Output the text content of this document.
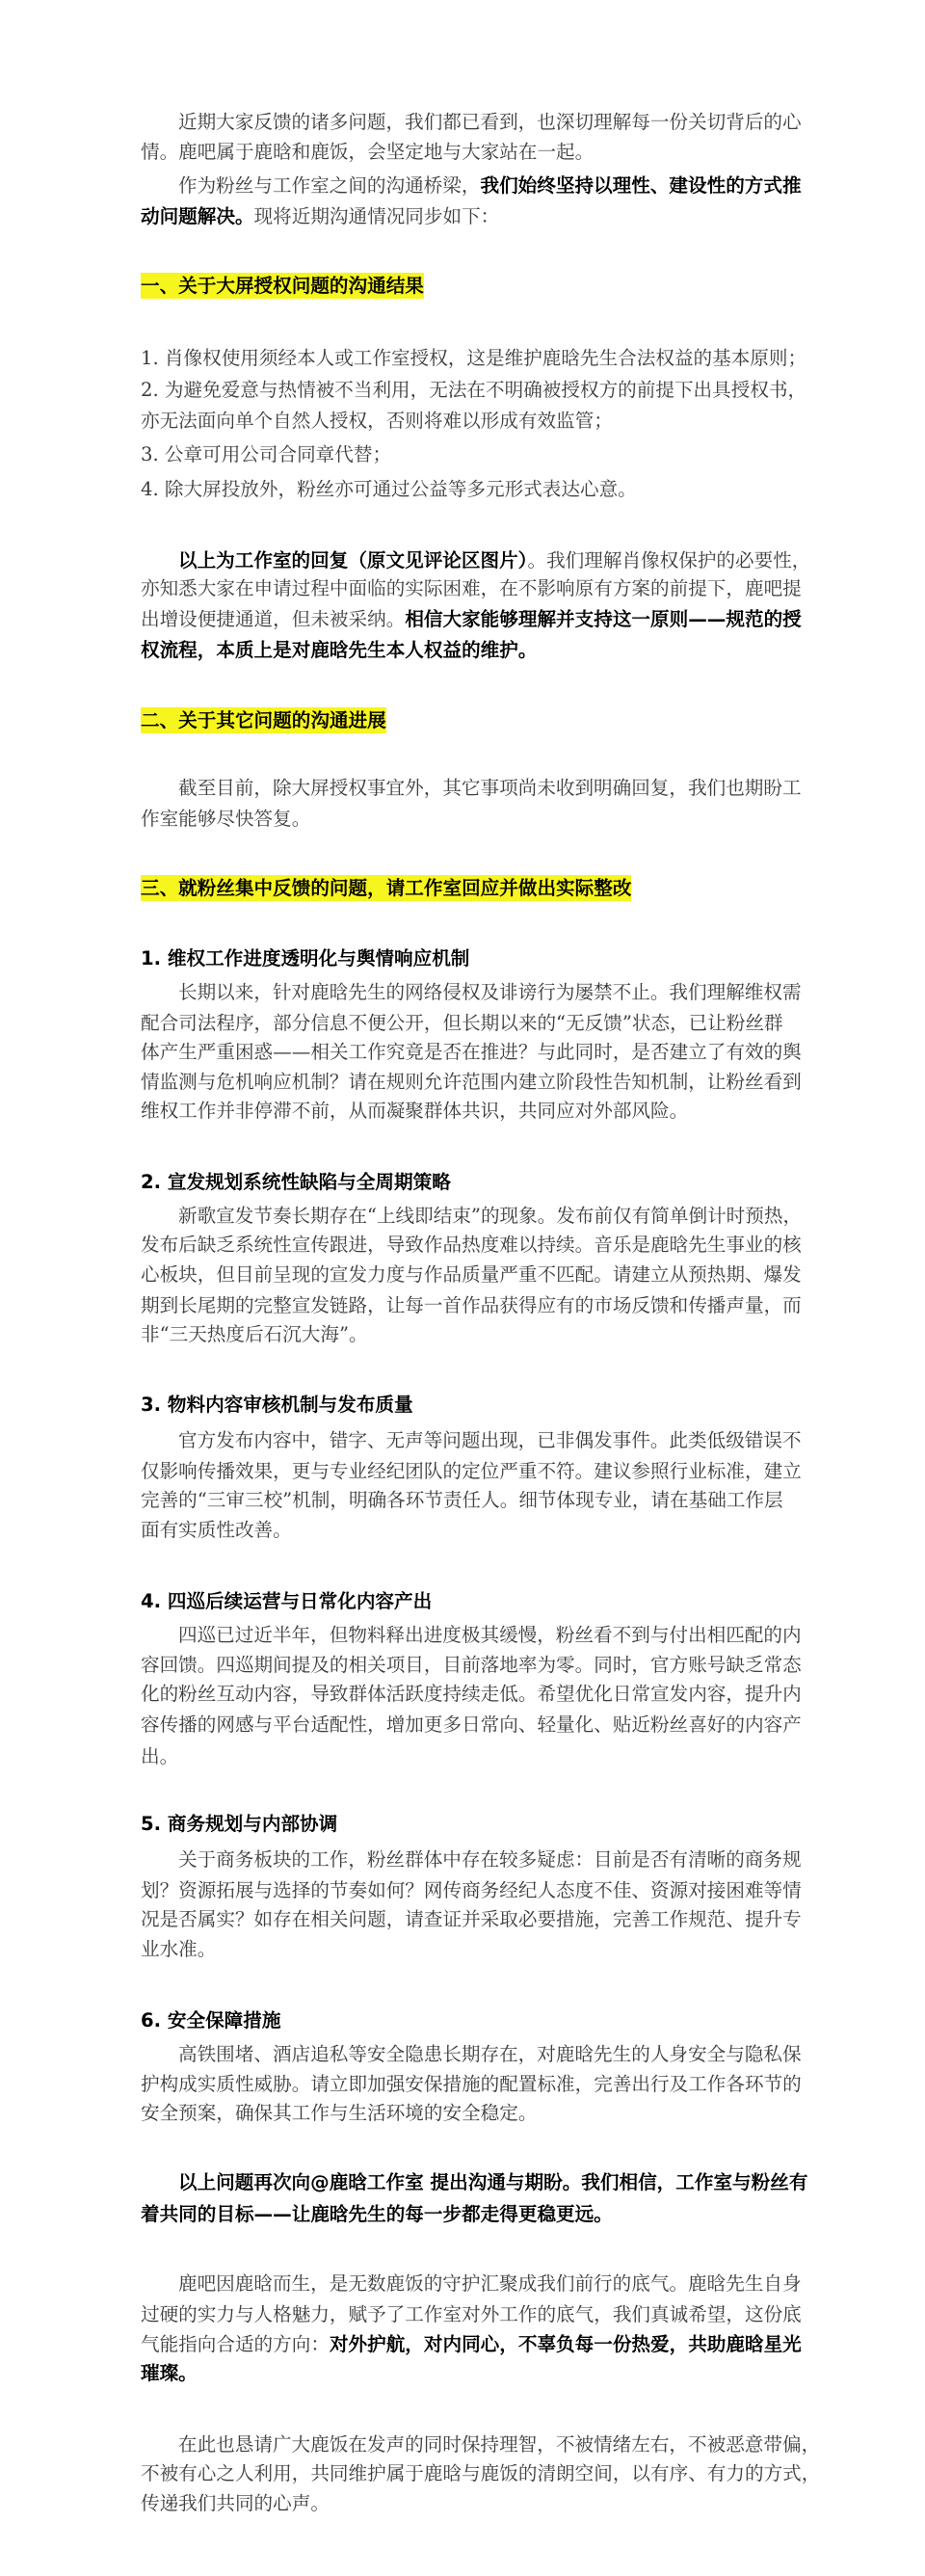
近期大家反馈的诸多问题，我们都已看到，也深切理解每一份关切背后的心
情。鹿吧属于鹿晗和鹿饭，会坚定地与大家站在一起。
作为粉丝与工作室之间的沟通桥梁，我们始终坚持以理性、建设性的方式推
动问题解决。现将近期沟通情况同步如下：
一、关于大屏授权问题的沟通结果
1. 肖像权使用须经本人或工作室授权，这是维护鹿晗先生合法权益的基本原则；
2. 为避免爱意与热情被不当利用，无法在不明确被授权方的前提下出具授权书，
亦无法面向单个自然人授权，否则将难以形成有效监管；
3. 公章可用公司合同章代替；
4. 除大屏投放外，粉丝亦可通过公益等多元形式表达心意。
以上为工作室的回复（原文见评论区图片）。我们理解肖像权保护的必要性，
亦知悉大家在申请过程中面临的实际困难，在不影响原有方案的前提下，鹿吧提
出增设便捷通道，但未被采纳。相信大家能够理解并支持这一原则——规范的授
权流程，本质上是对鹿晗先生本人权益的维护。
二、关于其它问题的沟通进展
截至目前，除大屏授权事宜外，其它事项尚未收到明确回复，我们也期盼工
作室能够尽快答复。
三、就粉丝集中反馈的问题，请工作室回应并做出实际整改
1. 维权工作进度透明化与舆情响应机制
长期以来，针对鹿晗先生的网络侵权及诽谤行为屡禁不止。我们理解维权需
配合司法程序，部分信息不便公开，但长期以来的“无反馈”状态，已让粉丝群
体产生严重困惑——相关工作究竟是否在推进？与此同时，是否建立了有效的舆
情监测与危机响应机制？请在规则允许范围内建立阶段性告知机制，让粉丝看到
维权工作并非停滞不前，从而凝聚群体共识，共同应对外部风险。
2. 宣发规划系统性缺陷与全周期策略
新歌宣发节奏长期存在“上线即结束”的现象。发布前仅有简单倒计时预热，
发布后缺乏系统性宣传跟进，导致作品热度难以持续。音乐是鹿晗先生事业的核
心板块，但目前呈现的宣发力度与作品质量严重不匹配。请建立从预热期、爆发
期到长尾期的完整宣发链路，让每一首作品获得应有的市场反馈和传播声量，而
非“三天热度后石沉大海”。
3. 物料内容审核机制与发布质量
官方发布内容中，错字、无声等问题出现，已非偶发事件。此类低级错误不
仅影响传播效果，更与专业经纪团队的定位严重不符。建议参照行业标准，建立
完善的“三审三校”机制，明确各环节责任人。细节体现专业，请在基础工作层
面有实质性改善。
4. 四巡后续运营与日常化内容产出
四巡已过近半年，但物料释出进度极其缓慢，粉丝看不到与付出相匹配的内
容回馈。四巡期间提及的相关项目，目前落地率为零。同时，官方账号缺乏常态
化的粉丝互动内容，导致群体活跃度持续走低。希望优化日常宣发内容，提升内
容传播的网感与平台适配性，增加更多日常向、轻量化、贴近粉丝喜好的内容产
出。
5. 商务规划与内部协调
关于商务板块的工作，粉丝群体中存在较多疑虑：目前是否有清晰的商务规
划？资源拓展与选择的节奏如何？网传商务经纪人态度不佳、资源对接困难等情
况是否属实？如存在相关问题，请查证并采取必要措施，完善工作规范、提升专
业水准。
6. 安全保障措施
高铁围堵、酒店追私等安全隐患长期存在，对鹿晗先生的人身安全与隐私保
护构成实质性威胁。请立即加强安保措施的配置标准，完善出行及工作各环节的
安全预案，确保其工作与生活环境的安全稳定。
以上问题再次向@鹿晗工作室 提出沟通与期盼。我们相信，工作室与粉丝有
着共同的目标——让鹿晗先生的每一步都走得更稳更远。
鹿吧因鹿晗而生，是无数鹿饭的守护汇聚成我们前行的底气。鹿晗先生自身
过硬的实力与人格魅力，赋予了工作室对外工作的底气，我们真诚希望，这份底
气能指向合适的方向：对外护航，对内同心，不辜负每一份热爱，共助鹿晗星光
璀璨。
在此也恳请广大鹿饭在发声的同时保持理智，不被情绪左右，不被恶意带偏，
不被有心之人利用，共同维护属于鹿晗与鹿饭的清朗空间，以有序、有力的方式，
传递我们共同的心声。
